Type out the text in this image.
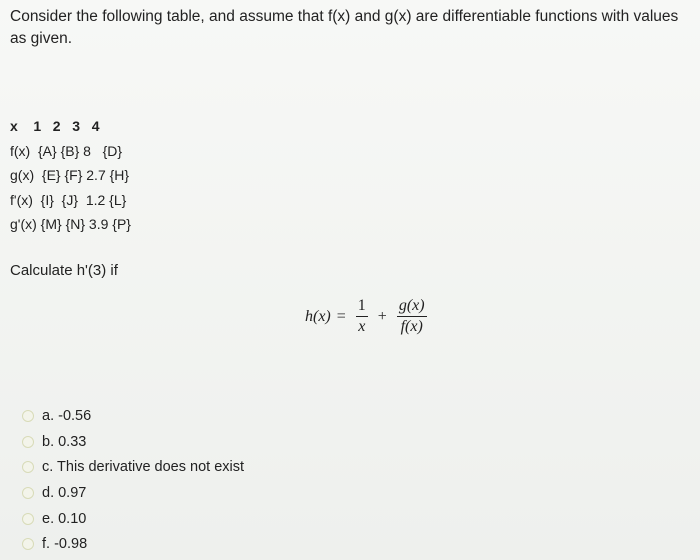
Consider the following table, and assume that f(x) and g(x) are differentiable functions with values as given.
x    1   2   3   4
f(x)  {A} {B} 8   {D}
g(x)  {E} {F} 2.7 {H}
f'(x)  {I}  {J}  1.2 {L}
g'(x) {M} {N} 3.9 {P}
Calculate h'(3) if
$h(x) = \frac{1}{x} + \frac{g(x)}{f(x)}$
a. -0.56
b. 0.33
c. This derivative does not exist
d. 0.97
e. 0.10
f. -0.98
